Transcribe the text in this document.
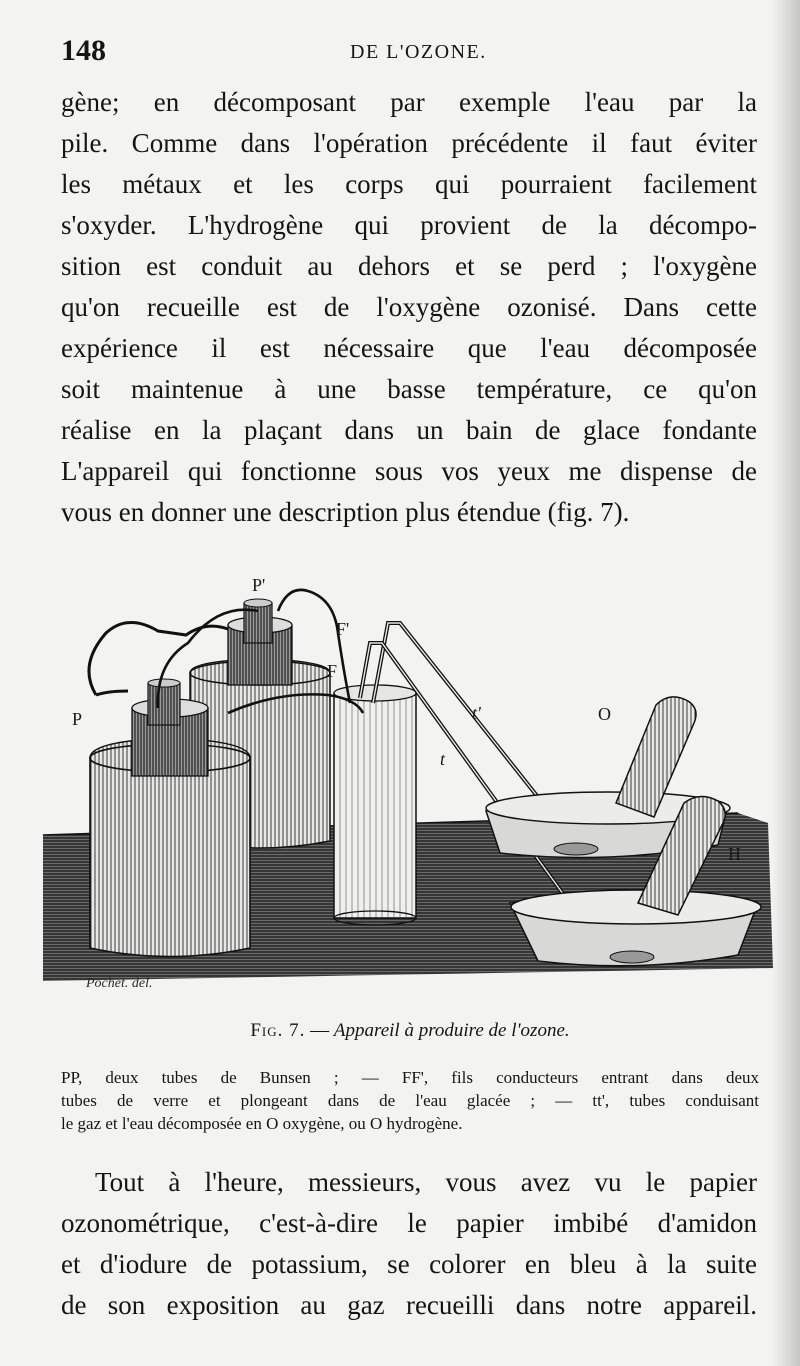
148	DE L'OZONE.
gène; en décomposant par exemple l'eau par la
pile. Comme dans l'opération précédente il faut éviter
les métaux et les corps qui pourraient facilement
s'oxyder. L'hydrogène qui provient de la décompo-
sition est conduit au dehors et se perd ; l'oxygène
qu'on recueille est de l'oxygène ozonisé. Dans cette
expérience il est nécessaire que l'eau décomposée
soit maintenue à une basse température, ce qu'on
réalise en la plaçant dans un bain de glace fondante
L'appareil qui fonctionne sous vos yeux me dispense de
vous en donner une description plus étendue (fig. 7).
P
P'
F'
F
t'
t
O
H
Pochet. del.
Fig. 7. — Appareil à produire de l'ozone.
PP, deux tubes de Bunsen ; — FF', fils conducteurs entrant dans deux
tubes de verre et plongeant dans de l'eau glacée ; — tt', tubes conduisant
le gaz et l'eau décomposée en O oxygène, ou O hydrogène.
Tout à l'heure, messieurs, vous avez vu le papier
ozonométrique, c'est-à-dire le papier imbibé d'amidon
et d'iodure de potassium, se colorer en bleu à la suite
de son exposition au gaz recueilli dans notre appareil.
